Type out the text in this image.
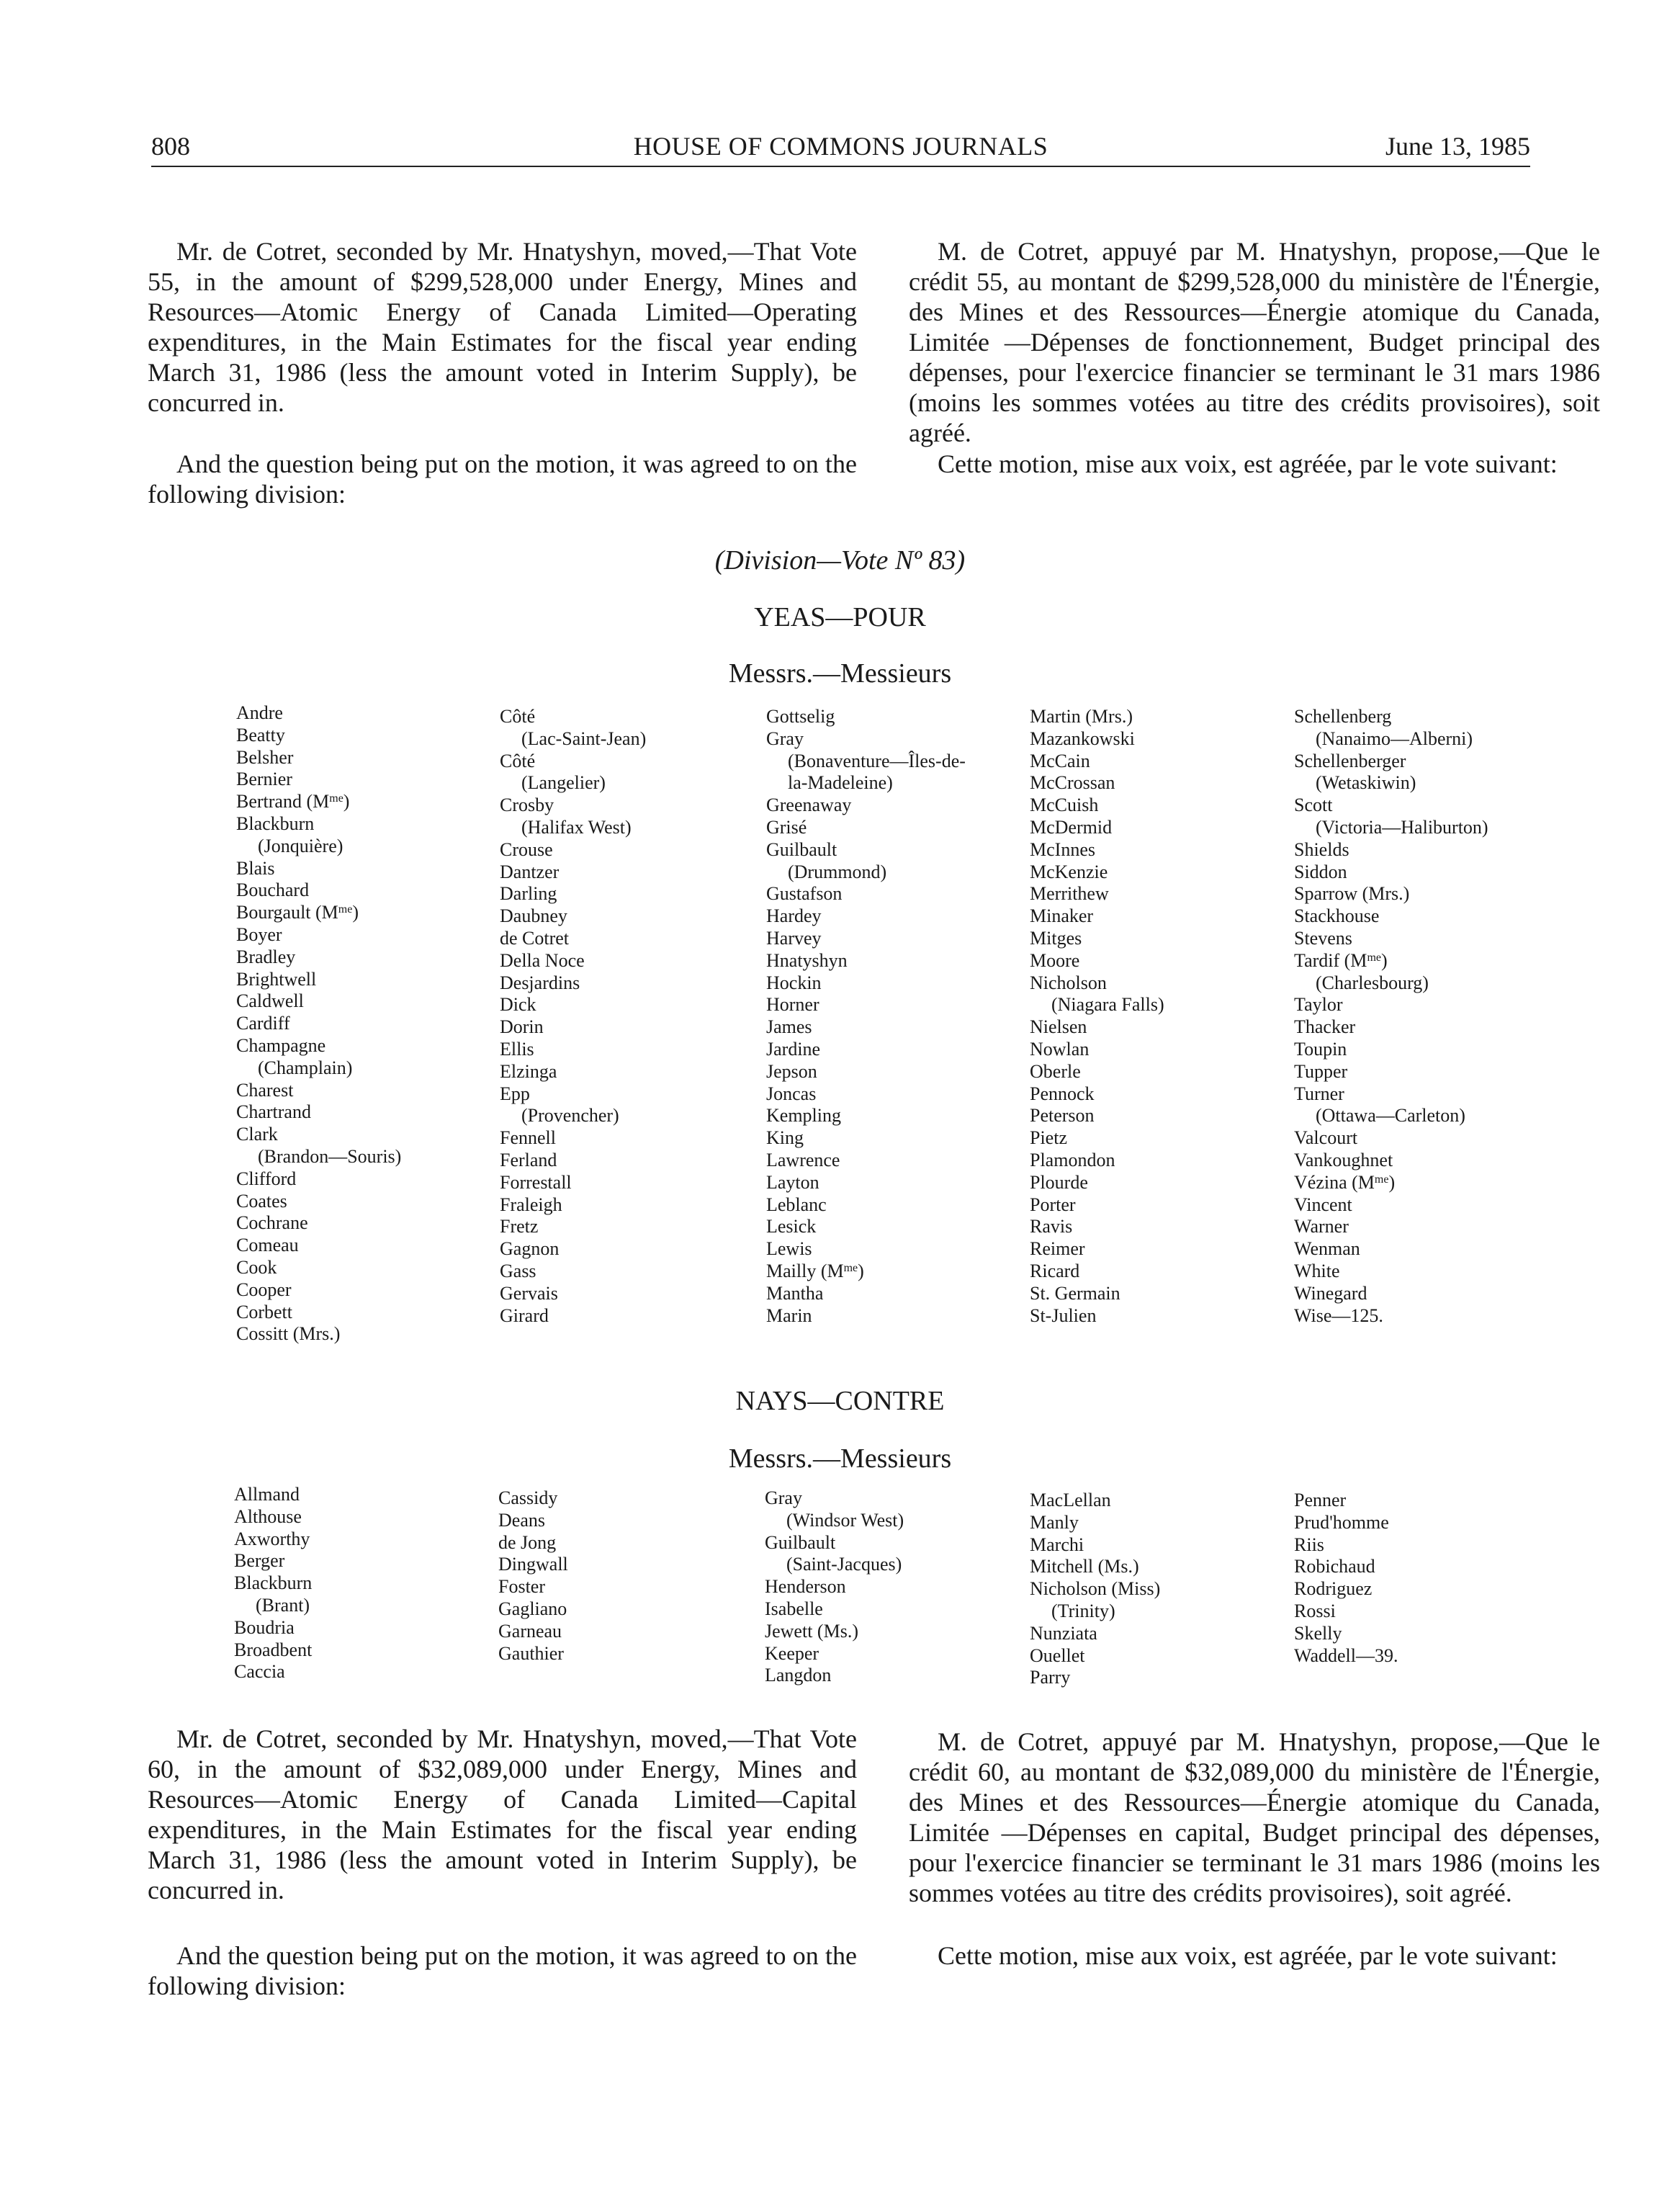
808	HOUSE OF COMMONS JOURNALS	June 13, 1985

Mr. de Cotret, seconded by Mr. Hnatyshyn, moved,—That Vote 55, in the amount of $299,528,000 under Energy, Mines and Resources—Atomic Energy of Canada Limited—Operating expenditures, in the Main Estimates for the fiscal year ending March 31, 1986 (less the amount voted in Interim Supply), be concurred in.

M. de Cotret, appuyé par M. Hnatyshyn, propose,—Que le crédit 55, au montant de $299,528,000 du ministère de l'Énergie, des Mines et des Ressources—Énergie atomique du Canada, Limitée —Dépenses de fonctionnement, Budget principal des dépenses, pour l'exercice financier se terminant le 31 mars 1986 (moins les sommes votées au titre des crédits provisoires), soit agréé.

And the question being put on the motion, it was agreed to on the following division:

Cette motion, mise aux voix, est agréée, par le vote suivant:

(Division—Vote Nº 83)
YEAS—POUR
Messrs.—Messieurs
Andre
Beatty
Belsher
Bernier
Bertrand $(M^{me})$
Blackburn
(Jonquière)
Blais
Bouchard
Bourgault $(M^{me})$
Boyer
Bradley
Brightwell
Caldwell
Cardiff
Champagne
(Champlain)
Charest
Chartrand
Clark
(Brandon—Souris)
Clifford
Coates
Cochrane
Comeau
Cook
Cooper
Corbett
Cossitt (Mrs.)
Côté
(Lac-Saint-Jean)
Côté
(Langelier)
Crosby
(Halifax West)
Crouse
Dantzer
Darling
Daubney
de Cotret
Della Noce
Desjardins
Dick
Dorin
Ellis
Elzinga
Epp
(Provencher)
Fennell
Ferland
Forrestall
Fraleigh
Fretz
Gagnon
Gass
Gervais
Girard
Gottselig
Gray
(Bonaventure—Îles-de-
la-Madeleine)
Greenaway
Grisé
Guilbault
(Drummond)
Gustafson
Hardey
Harvey
Hnatyshyn
Hockin
Horner
James
Jardine
Jepson
Joncas
Kempling
King
Lawrence
Layton
Leblanc
Lesick
Lewis
Mailly $(M^{me})$
Mantha
Marin
Martin (Mrs.)
Mazankowski
McCain
McCrossan
McCuish
McDermid
McInnes
McKenzie
Merrithew
Minaker
Mitges
Moore
Nicholson
(Niagara Falls)
Nielsen
Nowlan
Oberle
Pennock
Peterson
Pietz
Plamondon
Plourde
Porter
Ravis
Reimer
Ricard
St. Germain
St-Julien
Schellenberg
(Nanaimo—Alberni)
Schellenberger
(Wetaskiwin)
Scott
(Victoria—Haliburton)
Shields
Siddon
Sparrow (Mrs.)
Stackhouse
Stevens
Tardif $(M^{me})$
(Charlesbourg)
Taylor
Thacker
Toupin
Tupper
Turner
(Ottawa—Carleton)
Valcourt
Vankoughnet
Vézina $(M^{me})$
Vincent
Warner
Wenman
White
Winegard
Wise—125.
NAYS—CONTRE
Messrs.—Messieurs
Allmand
Althouse
Axworthy
Berger
Blackburn
(Brant)
Boudria
Broadbent
Caccia
Cassidy
Deans
de Jong
Dingwall
Foster
Gagliano
Garneau
Gauthier
Gray
(Windsor West)
Guilbault
(Saint-Jacques)
Henderson
Isabelle
Jewett (Ms.)
Keeper
Langdon
MacLellan
Manly
Marchi
Mitchell (Ms.)
Nicholson (Miss)
(Trinity)
Nunziata
Ouellet
Parry
Penner
Prud'homme
Riis
Robichaud
Rodriguez
Rossi
Skelly
Waddell—39.

Mr. de Cotret, seconded by Mr. Hnatyshyn, moved,—That Vote 60, in the amount of $32,089,000 under Energy, Mines and Resources—Atomic Energy of Canada Limited—Capital expenditures, in the Main Estimates for the fiscal year ending March 31, 1986 (less the amount voted in Interim Supply), be concurred in.

M. de Cotret, appuyé par M. Hnatyshyn, propose,—Que le crédit 60, au montant de $32,089,000 du ministère de l'Énergie, des Mines et des Ressources—Énergie atomique du Canada, Limitée —Dépenses en capital, Budget principal des dépenses, pour l'exercice financier se terminant le 31 mars 1986 (moins les sommes votées au titre des crédits provisoires), soit agréé.

And the question being put on the motion, it was agreed to on the following division:

Cette motion, mise aux voix, est agréée, par le vote suivant:
